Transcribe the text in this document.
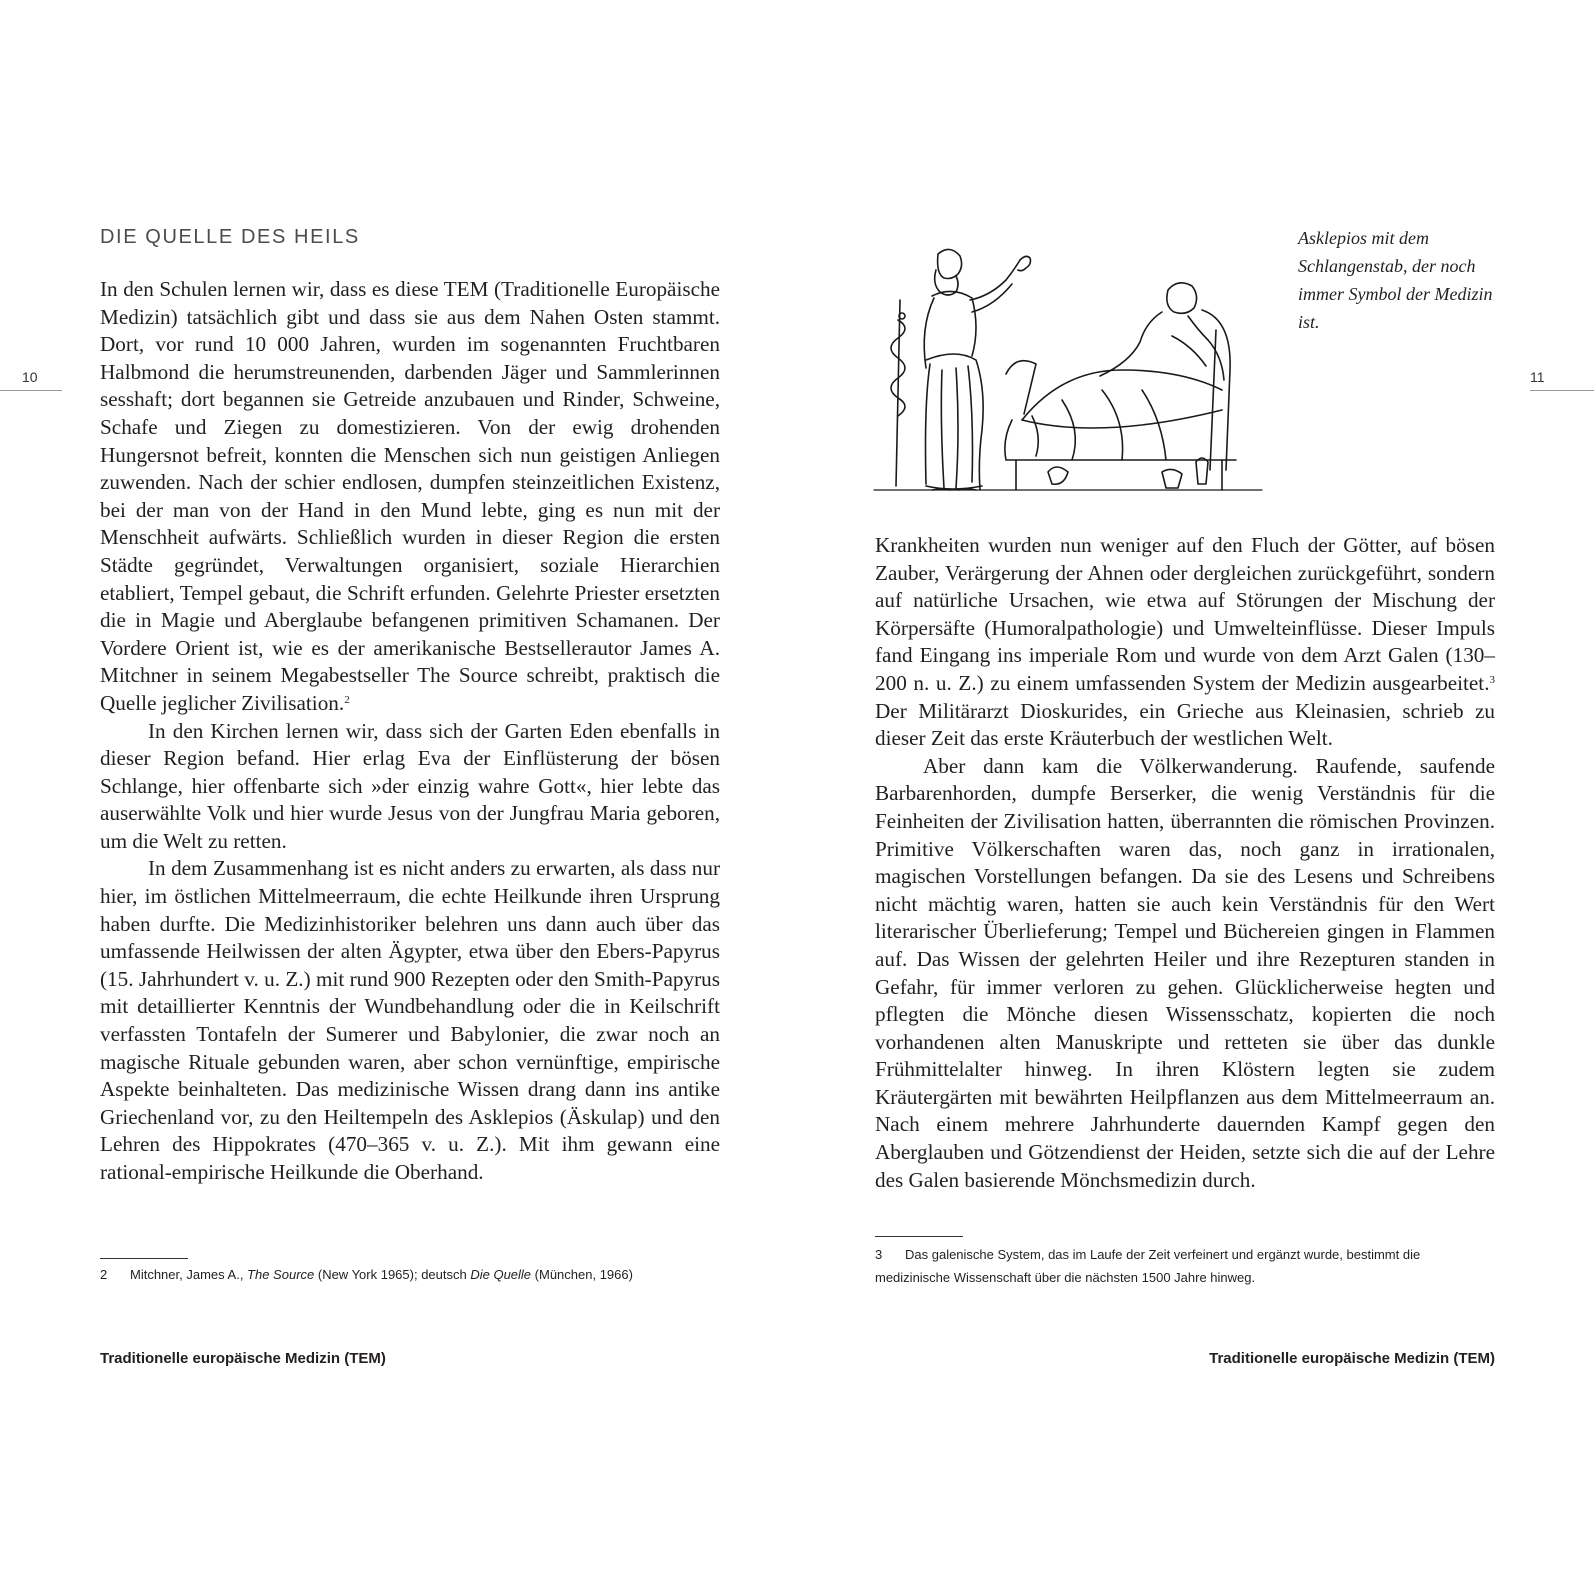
10
DIE QUELLE DES HEILS

In den Schulen lernen wir, dass es diese TEM (Traditionelle Europäische Medizin) tatsächlich gibt und dass sie aus dem Nahen Osten stammt. Dort, vor rund 10 000 Jahren, wurden im sogenannten Fruchtbaren Halbmond die herumstreunenden, darbenden Jäger und Sammlerinnen sesshaft; dort begannen sie Getreide anzubauen und Rinder, Schweine, Schafe und Ziegen zu domestizieren. Von der ewig drohenden Hungersnot befreit, konnten die Menschen sich nun geistigen Anliegen zuwenden. Nach der schier endlosen, dumpfen steinzeitlichen Existenz, bei der man von der Hand in den Mund lebte, ging es nun mit der Menschheit aufwärts. Schließlich wurden in dieser Region die ersten Städte gegründet, Verwaltungen organisiert, soziale Hierarchien etabliert, Tempel gebaut, die Schrift erfunden. Gelehrte Priester ersetzten die in Magie und Aberglaube befangenen primitiven Schamanen. Der Vordere Orient ist, wie es der amerikanische Bestsellerautor James A. Mitchner in seinem Megabestseller The Source schreibt, praktisch die Quelle jeglicher Zivilisation.$^2$

In den Kirchen lernen wir, dass sich der Garten Eden ebenfalls in dieser Region befand. Hier erlag Eva der Einflüsterung der bösen Schlange, hier offenbarte sich »der einzig wahre Gott«, hier lebte das auserwählte Volk und hier wurde Jesus von der Jungfrau Maria geboren, um die Welt zu retten.

In dem Zusammenhang ist es nicht anders zu erwarten, als dass nur hier, im östlichen Mittelmeerraum, die echte Heilkunde ihren Ursprung haben durfte. Die Medizinhistoriker belehren uns dann auch über das umfassende Heilwissen der alten Ägypter, etwa über den Ebers-Papyrus (15. Jahrhundert v. u. Z.) mit rund 900 Rezepten oder den Smith-Papyrus mit detaillierter Kenntnis der Wundbehandlung oder die in Keilschrift verfassten Tontafeln der Sumerer und Babylonier, die zwar noch an magische Rituale gebunden waren, aber schon vernünftige, empirische Aspekte beinhalteten. Das medizinische Wissen drang dann ins antike Griechenland vor, zu den Heiltempeln des Asklepios (Äskulap) und den Lehren des Hippokrates (470–365 v. u. Z.). Mit ihm gewann eine rational-empirische Heilkunde die Oberhand.

2 Mitchner, James A., The Source (New York 1965); deutsch Die Quelle (München, 1966)
Traditionelle europäische Medizin (TEM)
11
Asklepios mit dem Schlangenstab, der noch immer Symbol der Medizin ist.

Krankheiten wurden nun weniger auf den Fluch der Götter, auf bösen Zauber, Verärgerung der Ahnen oder dergleichen zurückgeführt, sondern auf natürliche Ursachen, wie etwa auf Störungen der Mischung der Körpersäfte (Humoralpathologie) und Umwelteinflüsse. Dieser Impuls fand Eingang ins imperiale Rom und wurde von dem Arzt Galen (130–200 n. u. Z.) zu einem umfassenden System der Medizin ausgearbeitet.$^3$ Der Militärarzt Dioskurides, ein Grieche aus Kleinasien, schrieb zu dieser Zeit das erste Kräuterbuch der westlichen Welt.

Aber dann kam die Völkerwanderung. Raufende, saufende Barbarenhorden, dumpfe Berserker, die wenig Verständnis für die Feinheiten der Zivilisation hatten, überrannten die römischen Provinzen. Primitive Völkerschaften waren das, noch ganz in irrationalen, magischen Vorstellungen befangen. Da sie des Lesens und Schreibens nicht mächtig waren, hatten sie auch kein Verständnis für den Wert literarischer Überlieferung; Tempel und Büchereien gingen in Flammen auf. Das Wissen der gelehrten Heiler und ihre Rezepturen standen in Gefahr, für immer verloren zu gehen. Glücklicherweise hegten und pflegten die Mönche diesen Wissensschatz, kopierten die noch vorhandenen alten Manuskripte und retteten sie über das dunkle Frühmittelalter hinweg. In ihren Klöstern legten sie zudem Kräutergärten mit bewährten Heilpflanzen aus dem Mittelmeerraum an. Nach einem mehrere Jahrhunderte dauernden Kampf gegen den Aberglauben und Götzendienst der Heiden, setzte sich die auf der Lehre des Galen basierende Mönchsmedizin durch.

3 Das galenische System, das im Laufe der Zeit verfeinert und ergänzt wurde, bestimmt die medizinische Wissenschaft über die nächsten 1500 Jahre hinweg.
Traditionelle europäische Medizin (TEM)
